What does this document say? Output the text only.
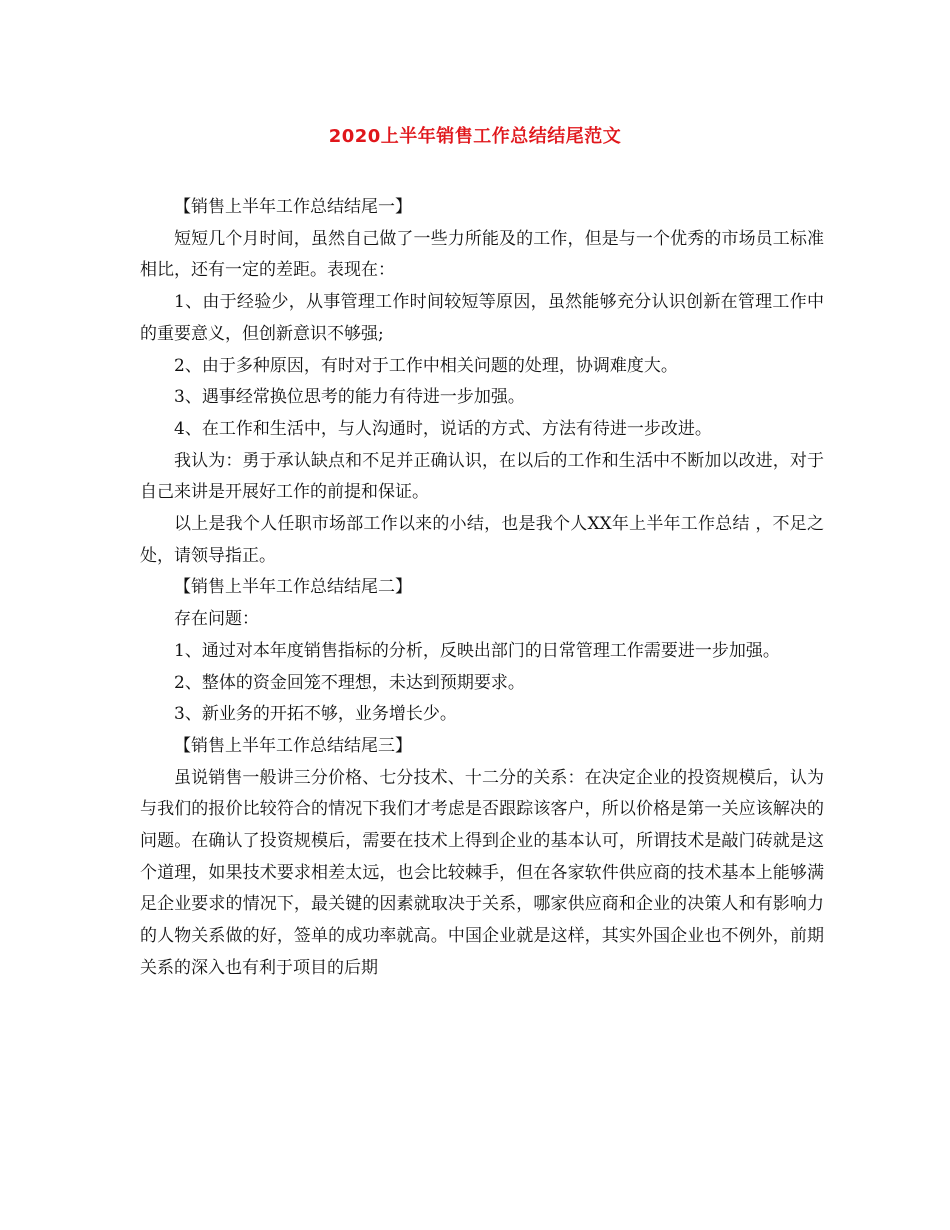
2020上半年销售工作总结结尾范文

【销售上半年工作总结结尾一】

短短几个月时间，虽然自己做了一些力所能及的工作，但是与一个优秀的市场员工标准相比，还有一定的差距。表现在：

1、由于经验少，从事管理工作时间较短等原因，虽然能够充分认识创新在管理工作中的重要意义，但创新意识不够强;

2、由于多种原因，有时对于工作中相关问题的处理，协调难度大。

3、遇事经常换位思考的能力有待进一步加强。

4、在工作和生活中，与人沟通时，说话的方式、方法有待进一步改进。

我认为：勇于承认缺点和不足并正确认识，在以后的工作和生活中不断加以改进，对于自己来讲是开展好工作的前提和保证。

以上是我个人任职市场部工作以来的小结，也是我个人XX年上半年工作总结 ，不足之处，请领导指正。

【销售上半年工作总结结尾二】

存在问题：

1、通过对本年度销售指标的分析，反映出部门的日常管理工作需要进一步加强。

2、整体的资金回笼不理想，未达到预期要求。

3、新业务的开拓不够，业务增长少。

【销售上半年工作总结结尾三】

虽说销售一般讲三分价格、七分技术、十二分的关系：在决定企业的投资规模后，认为与我们的报价比较符合的情况下我们才考虑是否跟踪该客户，所以价格是第一关应该解决的问题。在确认了投资规模后，需要在技术上得到企业的基本认可，所谓技术是敲门砖就是这个道理，如果技术要求相差太远，也会比较棘手，但在各家软件供应商的技术基本上能够满足企业要求的情况下，最关键的因素就取决于关系，哪家供应商和企业的决策人和有影响力的人物关系做的好，签单的成功率就高。中国企业就是这样，其实外国企业也不例外，前期关系的深入也有利于项目的后期
